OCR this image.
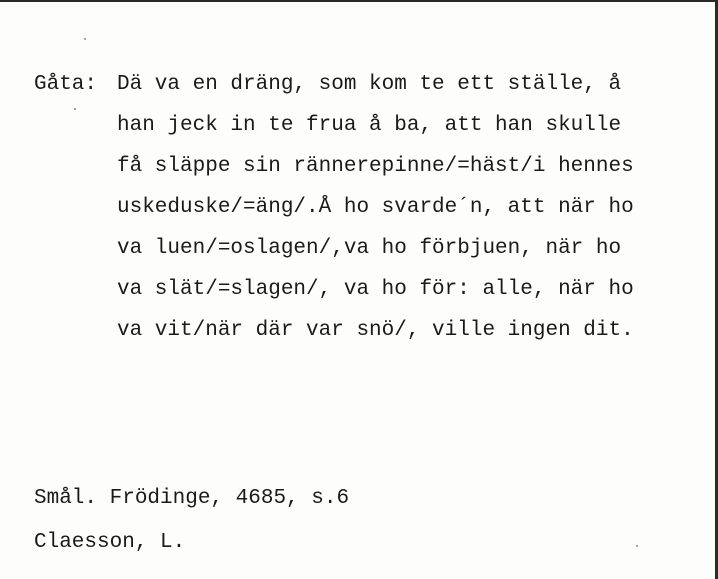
Gåta: Dä va en dräng, som kom te ett ställe, å
han jeck in te frua å ba, att han skulle
få släppe sin rännerepinne/=häst/i hennes
uskeduske/=äng/.Å ho svarde´n, att när ho
va luen/=oslagen/,va ho förbjuen, när ho
va slät/=slagen/, va ho för: alle, när ho
va vit/när där var snö/, ville ingen dit.
Smål. Frödinge, 4685, s.6
Claesson, L.
